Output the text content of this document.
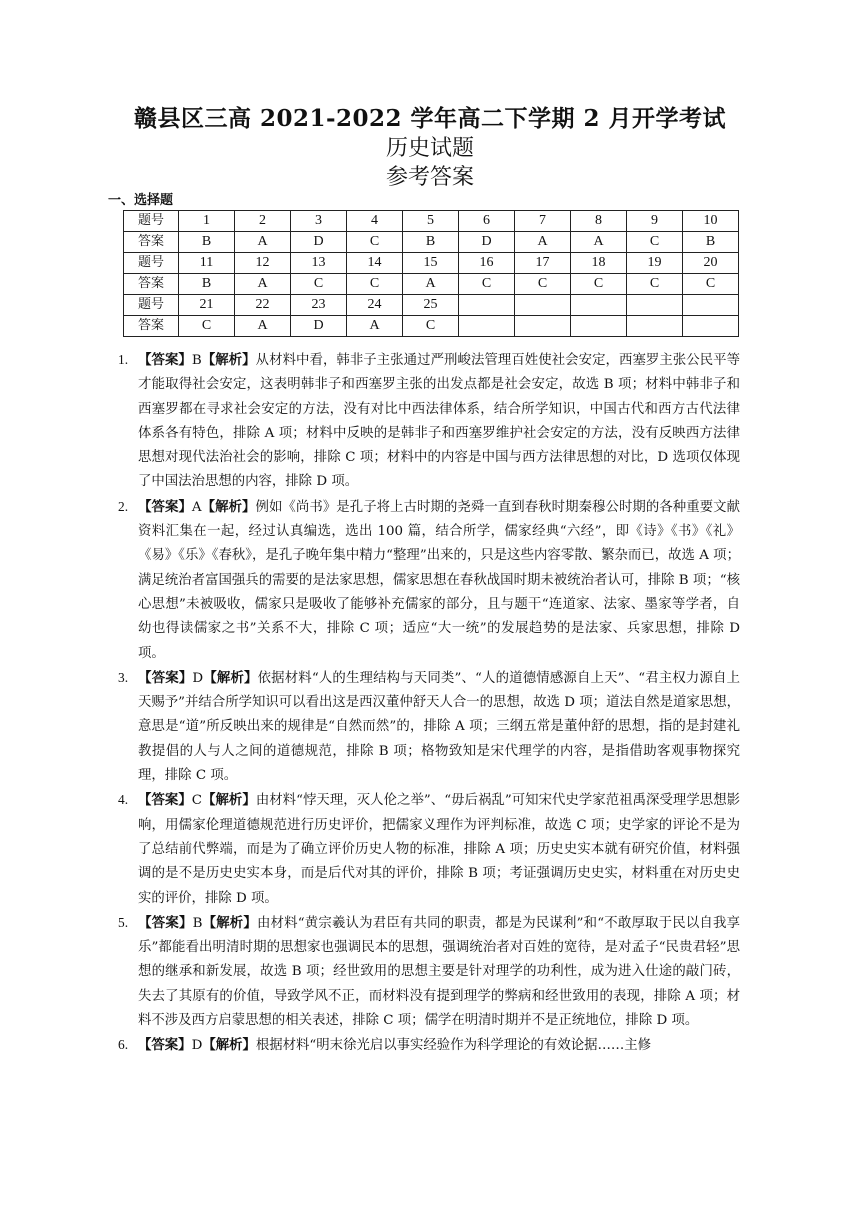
赣县区三高 2021-2022 学年高二下学期 2 月开学考试
历史试题
参考答案
一、选择题
题号	1	2	3	4	5	6	7	8	9	10
答案	B	A	D	C	B	D	A	A	C	B
题号	11	12	13	14	15	16	17	18	19	20
答案	B	A	C	C	A	C	C	C	C	C
题号	21	22	23	24	25					
答案	C	A	D	A	C					

1. 【答案】B【解析】从材料中看，韩非子主张通过严刑峻法管理百姓使社会安定，西塞罗主张公民平等才能取得社会安定，这表明韩非子和西塞罗主张的出发点都是社会安定，故选 B 项；材料中韩非子和西塞罗都在寻求社会安定的方法，没有对比中西法律体系，结合所学知识，中国古代和西方古代法律体系各有特色，排除 A 项；材料中反映的是韩非子和西塞罗维护社会安定的方法，没有反映西方法律思想对现代法治社会的影响，排除 C 项；材料中的内容是中国与西方法律思想的对比，D 选项仅体现了中国法治思想的内容，排除 D 项。

2. 【答案】A【解析】例如《尚书》是孔子将上古时期的尧舜一直到春秋时期秦穆公时期的各种重要文献资料汇集在一起，经过认真编选，选出 100 篇，结合所学，儒家经典“六经”，即《诗》《书》《礼》《易》《乐》《春秋》，是孔子晚年集中精力“整理”出来的，只是这些内容零散、繁杂而已，故选 A 项；满足统治者富国强兵的需要的是法家思想，儒家思想在春秋战国时期未被统治者认可，排除 B 项；“核心思想”未被吸收，儒家只是吸收了能够补充儒家的部分，且与题干“连道家、法家、墨家等学者，自幼也得读儒家之书”关系不大，排除 C 项；适应“大一统”的发展趋势的是法家、兵家思想，排除 D 项。

3. 【答案】D【解析】依据材料“人的生理结构与天同类”、“人的道德情感源自上天”、“君主权力源自上天赐予”并结合所学知识可以看出这是西汉董仲舒天人合一的思想，故选 D 项；道法自然是道家思想，意思是“道”所反映出来的规律是“自然而然”的，排除 A 项；三纲五常是董仲舒的思想，指的是封建礼教提倡的人与人之间的道德规范，排除 B 项；格物致知是宋代理学的内容，是指借助客观事物探究理，排除 C 项。

4. 【答案】C【解析】由材料“悖天理，灭人伦之举”、“毋后祸乱”可知宋代史学家范祖禹深受理学思想影响，用儒家伦理道德规范进行历史评价，把儒家义理作为评判标准，故选 C 项；史学家的评论不是为了总结前代弊端，而是为了确立评价历史人物的标准，排除 A 项；历史史实本就有研究价值，材料强调的是不是历史史实本身，而是后代对其的评价，排除 B 项；考证强调历史史实，材料重在对历史史实的评价，排除 D 项。

5. 【答案】B【解析】由材料“黄宗羲认为君臣有共同的职责，都是为民谋利”和“不敢厚取于民以自我享乐”都能看出明清时期的思想家也强调民本的思想，强调统治者对百姓的宽待，是对孟子“民贵君轻”思想的继承和新发展，故选 B 项；经世致用的思想主要是针对理学的功利性，成为进入仕途的敲门砖，失去了其原有的价值，导致学风不正，而材料没有提到理学的弊病和经世致用的表现，排除 A 项；材料不涉及西方启蒙思想的相关表述，排除 C 项；儒学在明清时期并不是正统地位，排除 D 项。

6. 【答案】D【解析】根据材料“明末徐光启以事实经验作为科学理论的有效论据……主修
